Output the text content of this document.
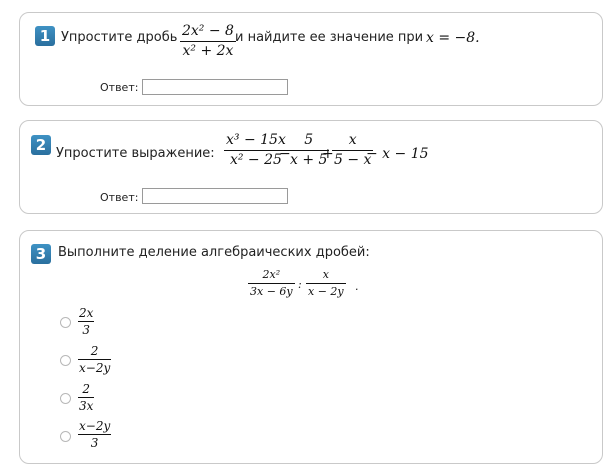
1 Упростите дробь $\frac{\text{2x² − 8}}{\text{x² + 2x}}$ и найдите ее значение при x = −8.
Ответ:
2 Упростите выражение: $\frac{\text{x³ − 15x}}{\text{x² − 25}}$
−
$\frac{5}{x + 5}$
+
$\frac{x}{5 - x}$
− x − 15
Ответ:
3 Выполните деление алгебраических дробей:
$\frac{\text{2x²}}{3x - 6y}$ : $\frac{x}{x - 2y}$ .
$\frac{2x}{3}$
$\frac{2}{x-2y}$
$\frac{2}{3x}$
$\frac{x-2y}{3}$
